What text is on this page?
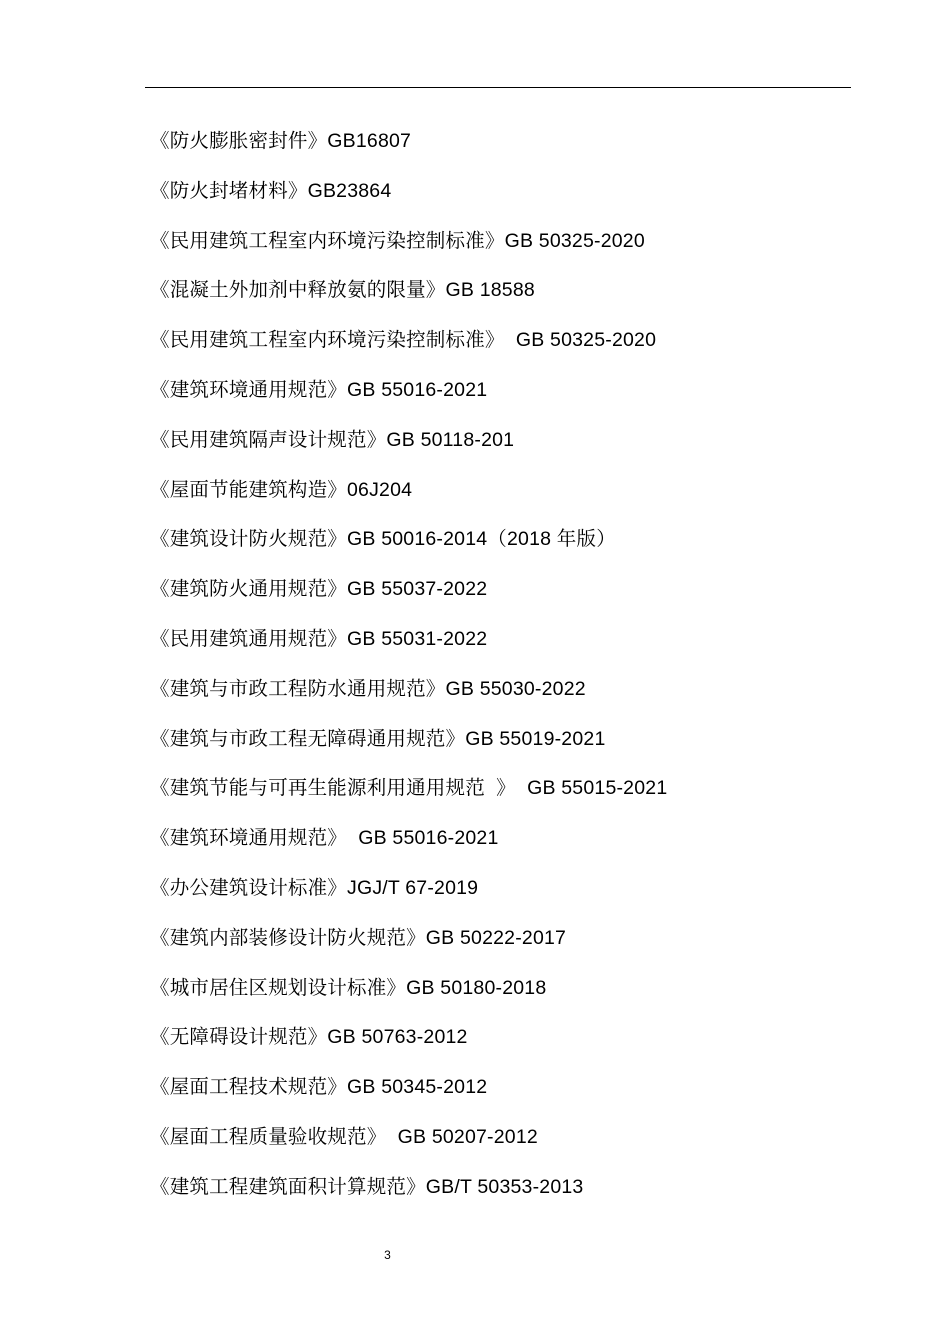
《防火膨胀密封件》GB16807
《防火封堵材料》GB23864
《民用建筑工程室内环境污染控制标准》GB 50325-2020
《混凝土外加剂中释放氨的限量》GB 18588
《民用建筑工程室内环境污染控制标准》  GB 50325-2020
《建筑环境通用规范》GB 55016-2021
《民用建筑隔声设计规范》GB 50118-201
《屋面节能建筑构造》06J204
《建筑设计防火规范》GB 50016-2014（2018 年版）
《建筑防火通用规范》GB 55037-2022
《民用建筑通用规范》GB 55031-2022
《建筑与市政工程防水通用规范》GB 55030-2022
《建筑与市政工程无障碍通用规范》GB 55019-2021
《建筑节能与可再生能源利用通用规范  》  GB 55015-2021
《建筑环境通用规范》  GB 55016-2021
《办公建筑设计标准》JGJ/T 67-2019
《建筑内部装修设计防火规范》GB 50222-2017
《城市居住区规划设计标准》GB 50180-2018
《无障碍设计规范》GB 50763-2012
《屋面工程技术规范》GB 50345-2012
《屋面工程质量验收规范》  GB 50207-2012
《建筑工程建筑面积计算规范》GB/T 50353-2013
3
